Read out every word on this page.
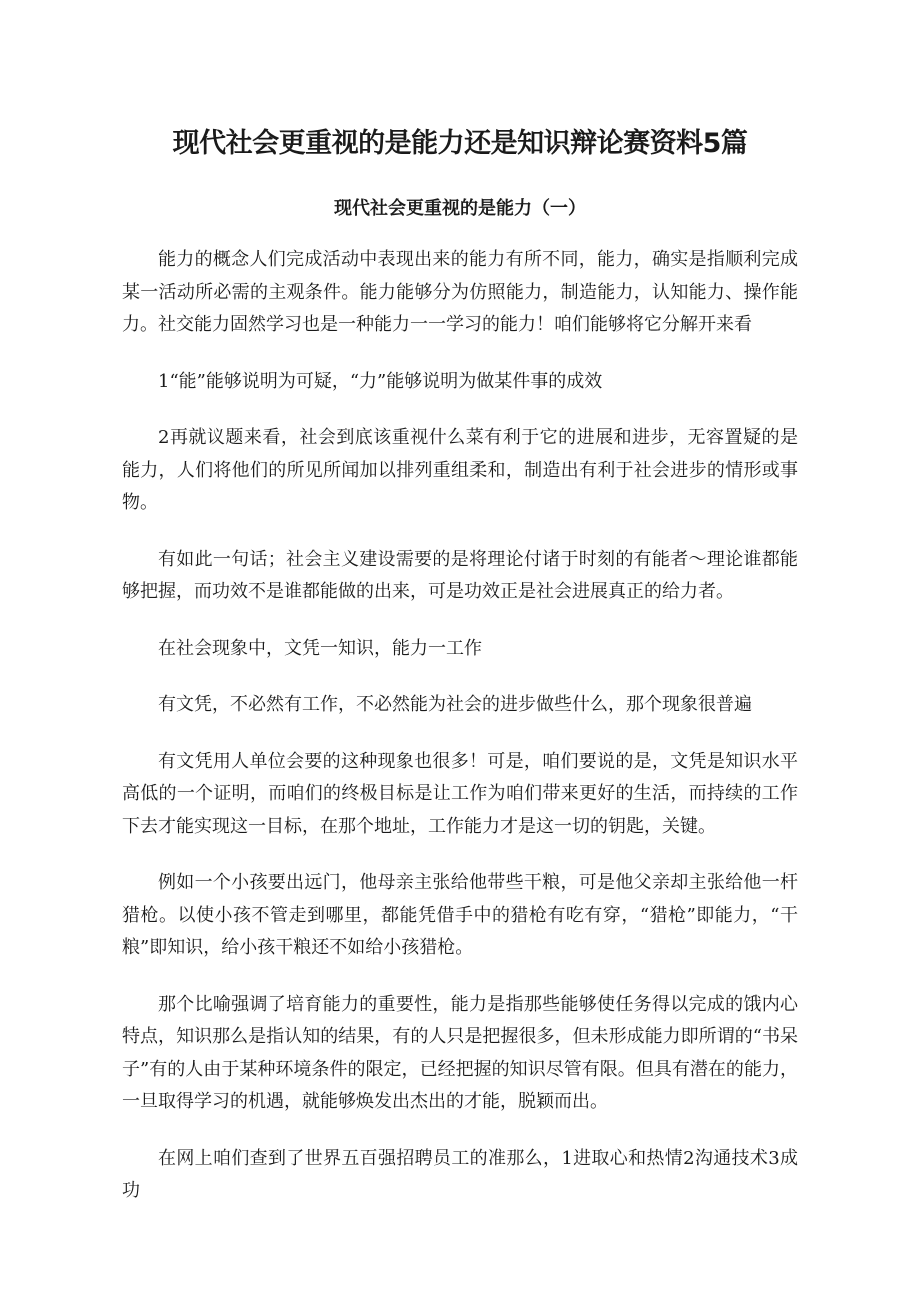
现代社会更重视的是能力还是知识辩论赛资料5篇
现代社会更重视的是能力（一）

能力的概念人们完成活动中表现出来的能力有所不同，能力，确实是指顺利完成某一活动所必需的主观条件。能力能够分为仿照能力，制造能力，认知能力、操作能力。社交能力固然学习也是一种能力一一学习的能力！咱们能够将它分解开来看

1“能”能够说明为可疑，“力”能够说明为做某件事的成效

2再就议题来看，社会到底该重视什么菜有利于它的进展和进步，无容置疑的是能力，人们将他们的所见所闻加以排列重组柔和，制造出有利于社会进步的情形或事物。

有如此一句话；社会主义建设需要的是将理论付诸于时刻的有能者～理论谁都能够把握，而功效不是谁都能做的出来，可是功效正是社会进展真正的给力者。

在社会现象中，文凭一知识，能力一工作

有文凭，不必然有工作，不必然能为社会的进步做些什么，那个现象很普遍

有文凭用人单位会要的这种现象也很多！可是，咱们要说的是，文凭是知识水平高低的一个证明，而咱们的终极目标是让工作为咱们带来更好的生活，而持续的工作下去才能实现这一目标，在那个地址，工作能力才是这一切的钥匙，关键。

例如一个小孩要出远门，他母亲主张给他带些干粮，可是他父亲却主张给他一杆猎枪。以使小孩不管走到哪里，都能凭借手中的猎枪有吃有穿，“猎枪”即能力，“干粮”即知识，给小孩干粮还不如给小孩猎枪。

那个比喻强调了培育能力的重要性，能力是指那些能够使任务得以完成的饿内心特点，知识那么是指认知的结果，有的人只是把握很多，但未形成能力即所谓的“书呆子”有的人由于某种环境条件的限定，已经把握的知识尽管有限。但具有潜在的能力，一旦取得学习的机遇，就能够焕发出杰出的才能，脱颖而出。

在网上咱们查到了世界五百强招聘员工的准那么，1进取心和热情2沟通技术3成功
